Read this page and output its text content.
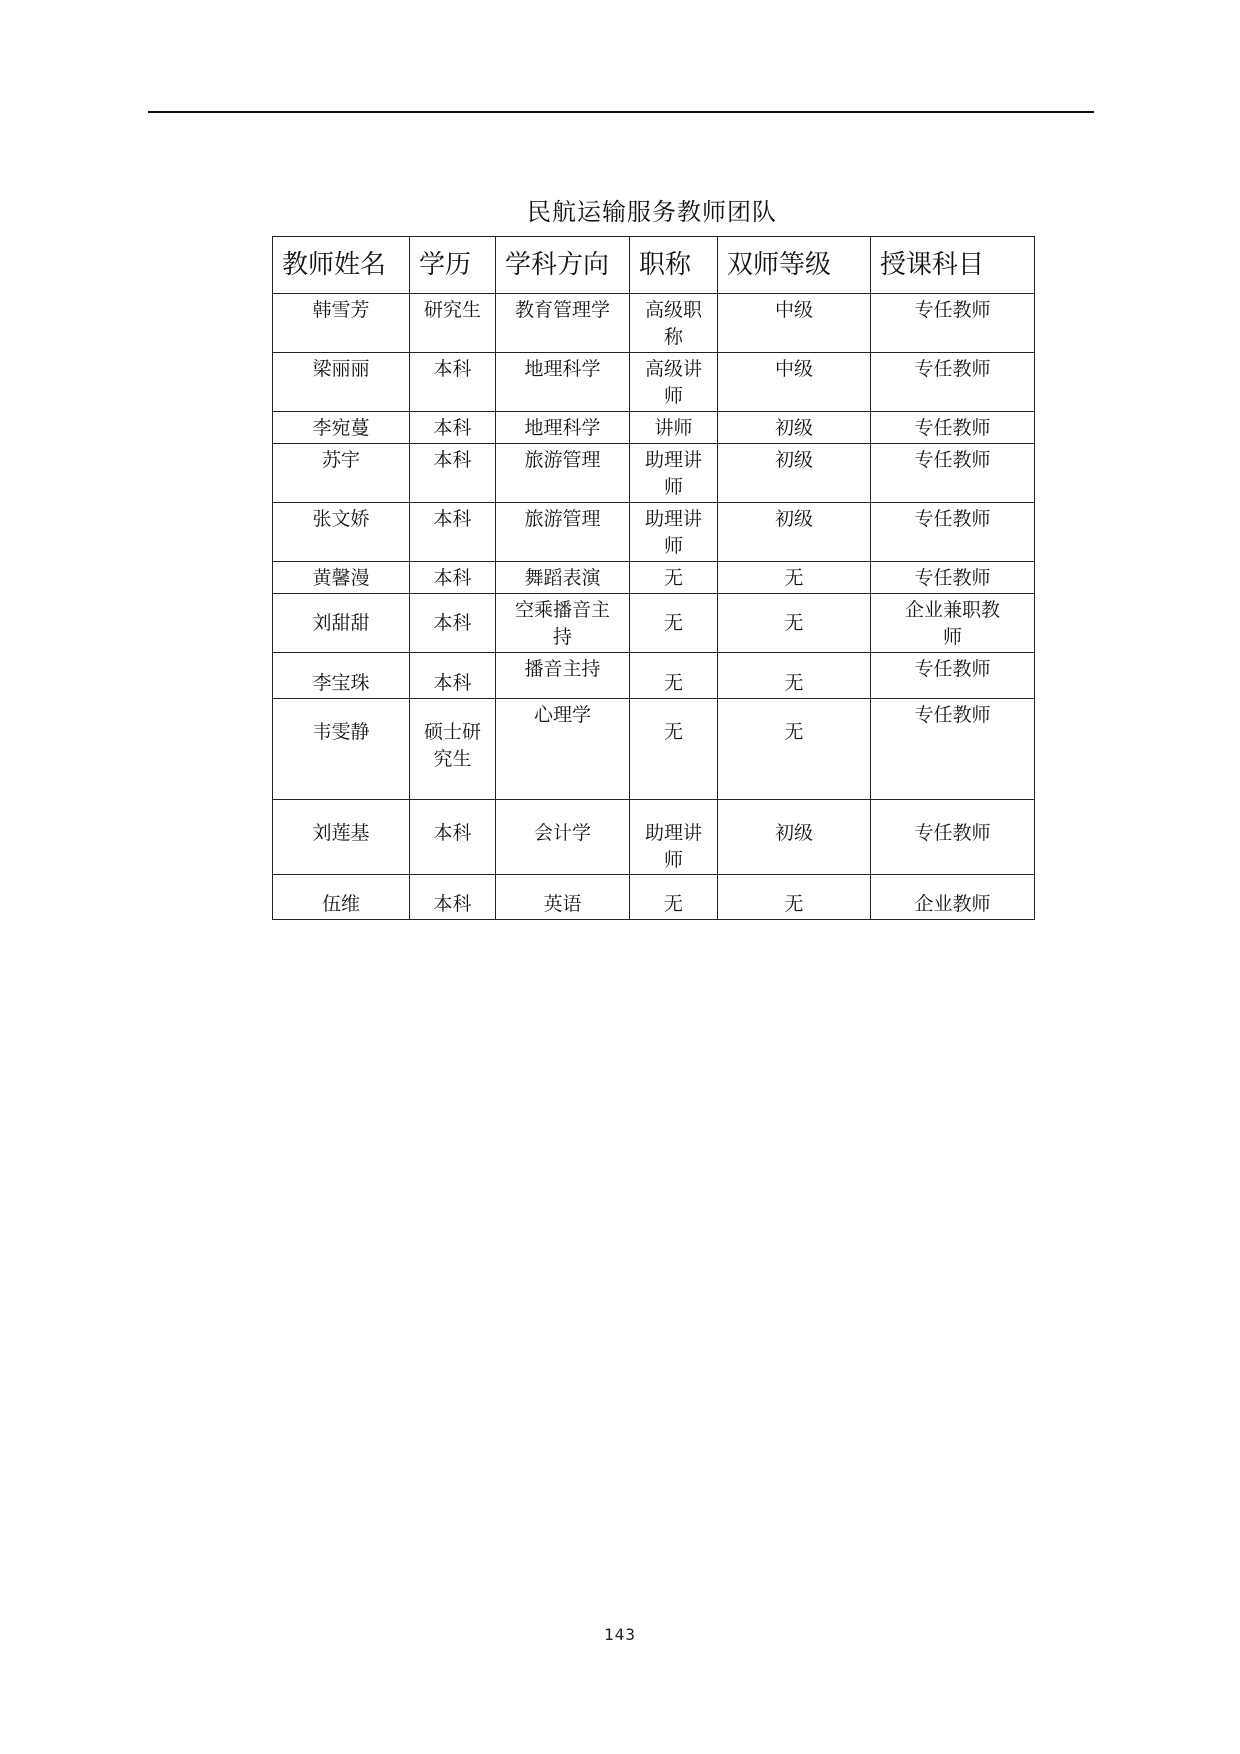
民航运输服务教师团队
教师姓名	学历	学科方向	职称	双师等级	授课科目
韩雪芳	研究生	教育管理学	高级职称	中级	专任教师
梁丽丽	本科	地理科学	高级讲师	中级	专任教师
李宛蔓	本科	地理科学	讲师	初级	专任教师
苏宇	本科	旅游管理	助理讲师	初级	专任教师
张文娇	本科	旅游管理	助理讲师	初级	专任教师
黄馨漫	本科	舞蹈表演	无	无	专任教师
刘甜甜	本科	空乘播音主 持	无	无	企业兼职教师
李宝珠	本科	播音主持	无	无	专任教师
韦雯静	硕士研究生	心理学	无	无	专任教师
刘莲基	本科	会计学	助理讲师	初级	专任教师
伍维	本科	英语	无	无	企业教师
143
